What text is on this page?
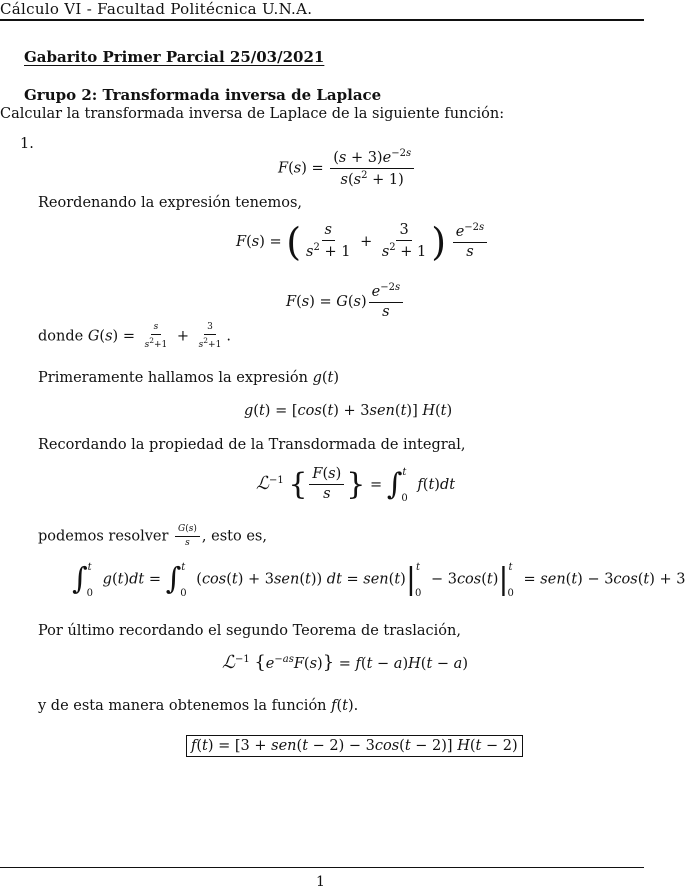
Cálculo VI - Facultad Politécnica U.N.A.
Gabarito Primer Parcial 25/03/2021
Grupo 2: Transformada inversa de Laplace
Calcular la transformada inversa de Laplace de la siguiente función:
1.
$F(s) = \frac{(s + 3)e^{-2s}}{s(s^2 + 1)}$
Reordenando la expresión tenemos,
F(s) = ( $\frac{s}{s^2 + 1} + \frac{3}{s^2 + 1}$ ) $\frac{e^{-2s}}{s}$
$F(s) = G(s) \frac{e^{-2s}}{s}$
donde $G(s) = \frac{s}{s^2+1} + \frac{3}{s^2+1}$ .
Primeramente hallamos la expresión g(t)
g(t) = [cos(t) + 3sen(t)] H(t)
Recordando la propiedad de la Transdormada de integral,
ℒ$^{-1}$ { $\frac{F(s)}{s}$ } = ∫$^t_0$ f(t)dt
podemos resolver $\frac{G(s)}{s}$ , esto es,
∫$^t_0$ g(t)dt = ∫$^t_0$ (cos(t) + 3sen(t)) dt = $sen(t)|^t_0 - 3\cos(t)|^t_0 = sen(t) - 3\cos(t) + 3$
Por último recordando el segundo Teorema de traslación,
ℒ$^{-1}$ $\{e^{-as}F(s)\} = f(t - a)H(t - a)$
y de esta manera obtenemos la función f(t).
f(t) = [3 + sen(t − 2) − 3cos(t − 2)] H(t − 2)
1
